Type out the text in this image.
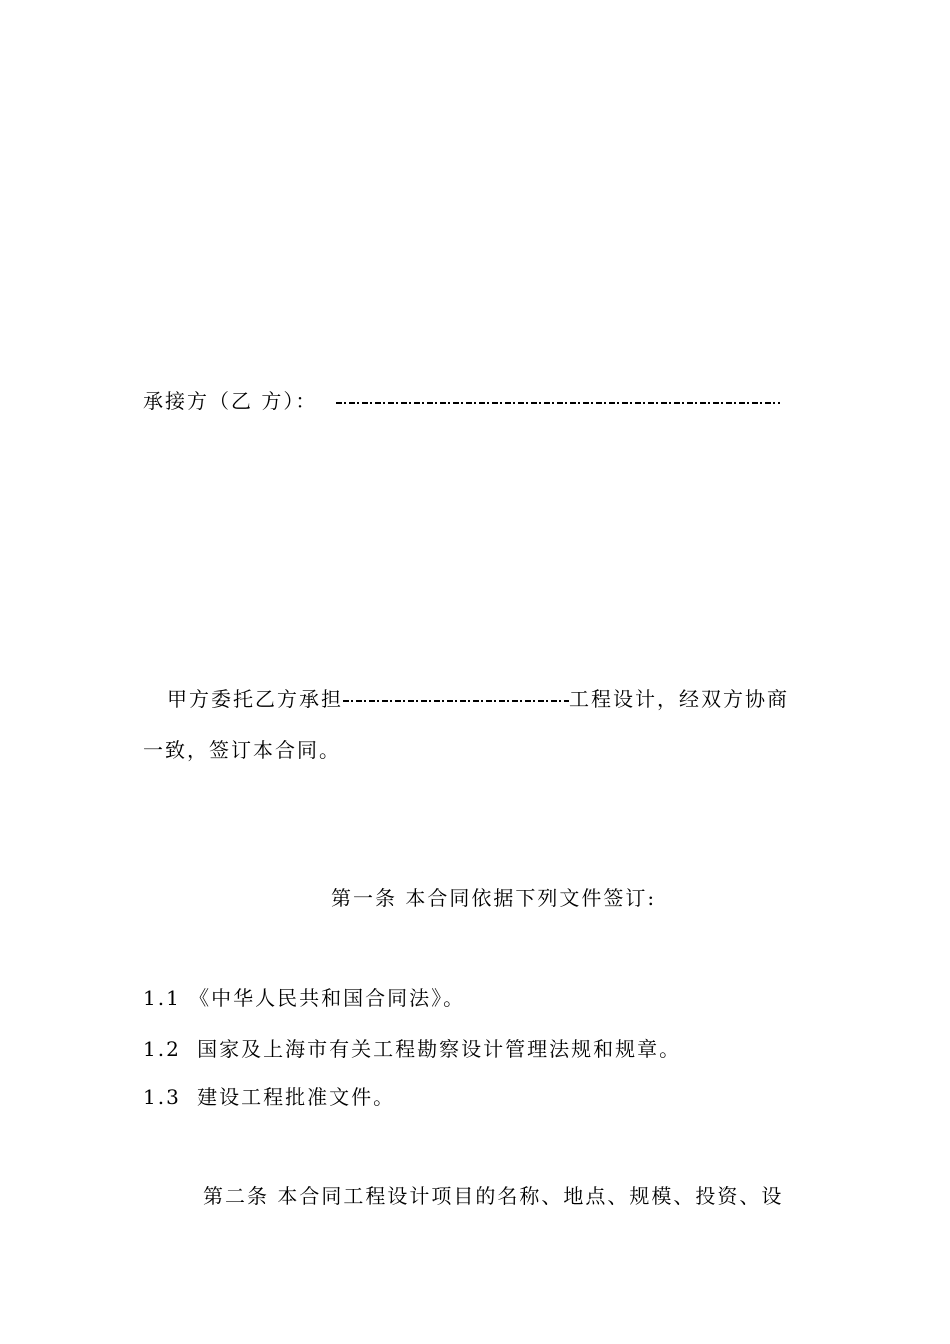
承接方（乙 方）：
甲方委托乙方承担	工程设计，经双方协商
一致，签订本合同。
第一条 本合同依据下列文件签订:
1.1 《中华人民共和国合同法》。
1.2 国家及上海市有关工程勘察设计管理法规和规章。
1.3 建设工程批准文件。
第二条 本合同工程设计项目的名称、地点、规模、投资、设
